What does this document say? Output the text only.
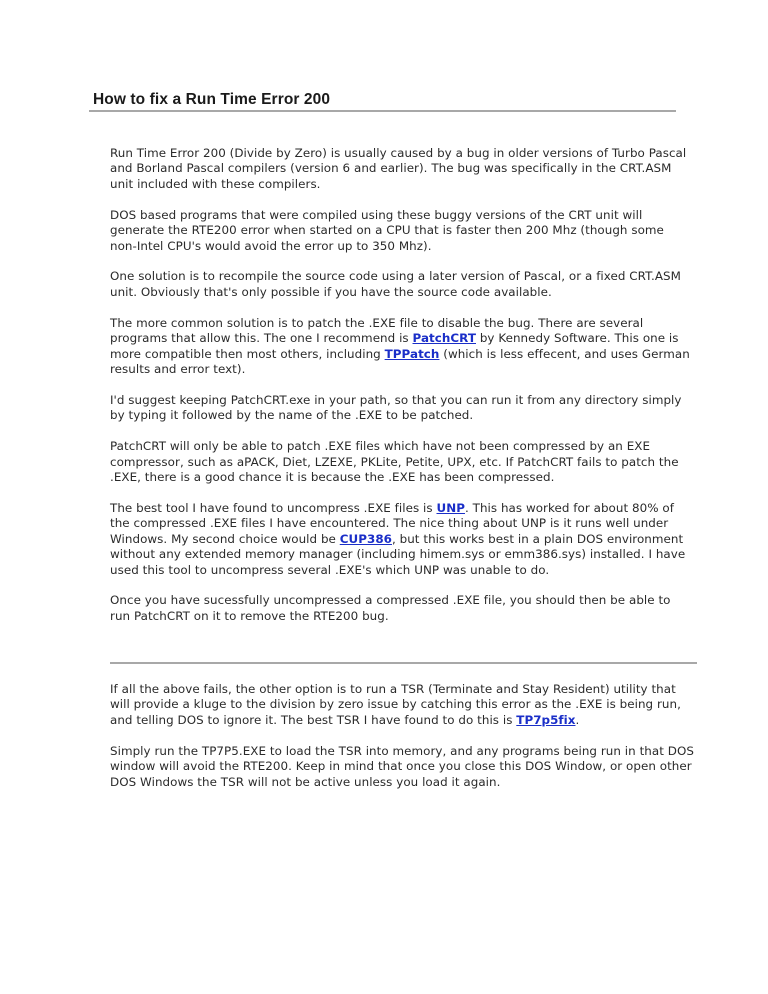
How to fix a Run Time Error 200

Run Time Error 200 (Divide by Zero) is usually caused by a bug in older versions of Turbo Pascal and Borland Pascal compilers (version 6 and earlier). The bug was specifically in the CRT.ASM unit included with these compilers.

DOS based programs that were compiled using these buggy versions of the CRT unit will generate the RTE200 error when started on a CPU that is faster then 200 Mhz (though some non-Intel CPU's would avoid the error up to 350 Mhz).

One solution is to recompile the source code using a later version of Pascal, or a fixed CRT.ASM unit. Obviously that's only possible if you have the source code available.

The more common solution is to patch the .EXE file to disable the bug. There are several programs that allow this. The one I recommend is PatchCRT by Kennedy Software. This one is more compatible then most others, including TPPatch (which is less effecent, and uses German results and error text).

I'd suggest keeping PatchCRT.exe in your path, so that you can run it from any directory simply by typing it followed by the name of the .EXE to be patched.

PatchCRT will only be able to patch .EXE files which have not been compressed by an EXE compressor, such as aPACK, Diet, LZEXE, PKLite, Petite, UPX, etc. If PatchCRT fails to patch the .EXE, there is a good chance it is because the .EXE has been compressed.

The best tool I have found to uncompress .EXE files is UNP. This has worked for about 80% of the compressed .EXE files I have encountered. The nice thing about UNP is it runs well under Windows. My second choice would be CUP386, but this works best in a plain DOS environment without any extended memory manager (including himem.sys or emm386.sys) installed. I have used this tool to uncompress several .EXE's which UNP was unable to do.

Once you have sucessfully uncompressed a compressed .EXE file, you should then be able to run PatchCRT on it to remove the RTE200 bug.

If all the above fails, the other option is to run a TSR (Terminate and Stay Resident) utility that will provide a kluge to the division by zero issue by catching this error as the .EXE is being run, and telling DOS to ignore it. The best TSR I have found to do this is TP7p5fix.

Simply run the TP7P5.EXE to load the TSR into memory, and any programs being run in that DOS window will avoid the RTE200. Keep in mind that once you close this DOS Window, or open other DOS Windows the TSR will not be active unless you load it again.
